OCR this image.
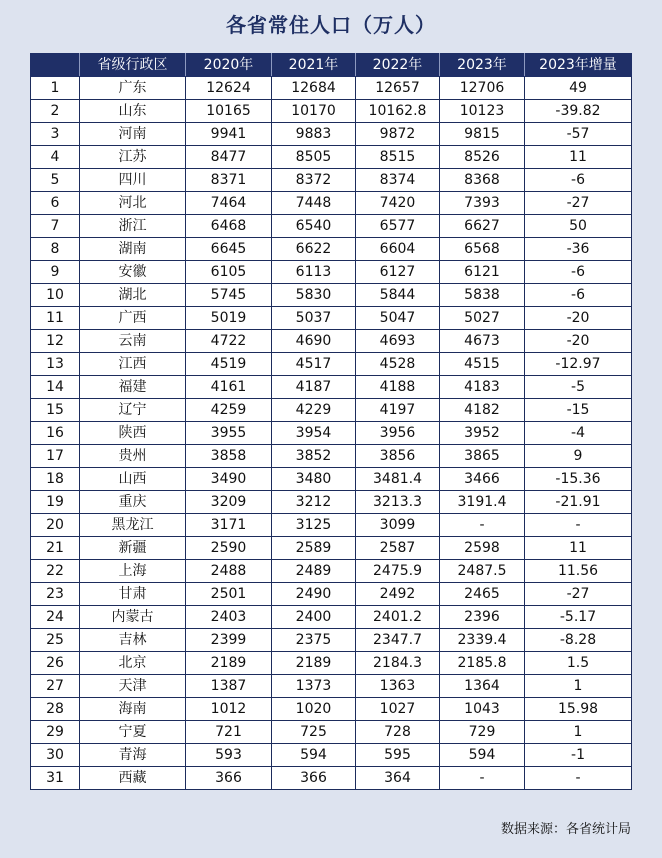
各省常住人口（万人）
	省级行政区	2020年	2021年	2022年	2023年	2023年增量
1	广东	12624	12684	12657	12706	49
2	山东	10165	10170	10162.8	10123	-39.82
3	河南	9941	9883	9872	9815	-57
4	江苏	8477	8505	8515	8526	11
5	四川	8371	8372	8374	8368	-6
6	河北	7464	7448	7420	7393	-27
7	浙江	6468	6540	6577	6627	50
8	湖南	6645	6622	6604	6568	-36
9	安徽	6105	6113	6127	6121	-6
10	湖北	5745	5830	5844	5838	-6
11	广西	5019	5037	5047	5027	-20
12	云南	4722	4690	4693	4673	-20
13	江西	4519	4517	4528	4515	-12.97
14	福建	4161	4187	4188	4183	-5
15	辽宁	4259	4229	4197	4182	-15
16	陕西	3955	3954	3956	3952	-4
17	贵州	3858	3852	3856	3865	9
18	山西	3490	3480	3481.4	3466	-15.36
19	重庆	3209	3212	3213.3	3191.4	-21.91
20	黑龙江	3171	3125	3099	-	-
21	新疆	2590	2589	2587	2598	11
22	上海	2488	2489	2475.9	2487.5	11.56
23	甘肃	2501	2490	2492	2465	-27
24	内蒙古	2403	2400	2401.2	2396	-5.17
25	吉林	2399	2375	2347.7	2339.4	-8.28
26	北京	2189	2189	2184.3	2185.8	1.5
27	天津	1387	1373	1363	1364	1
28	海南	1012	1020	1027	1043	15.98
29	宁夏	721	725	728	729	1
30	青海	593	594	595	594	-1
31	西藏	366	366	364	-	-
数据来源：各省统计局
